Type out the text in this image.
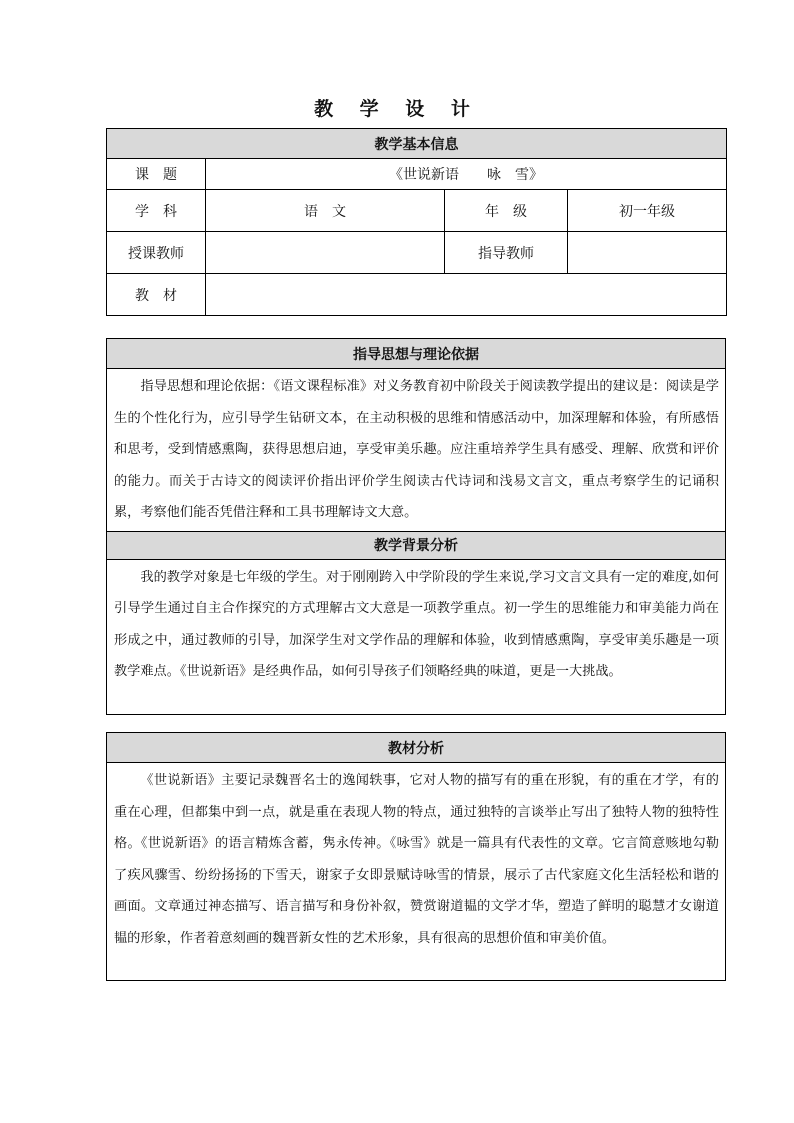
教 学 设 计
教学基本信息			
课　题	《世说新语　　咏　雪》		
学　科	语　文	年　级	初一年级
授课教师		指导教师	
教　材			
指导思想与理论依据
指导思想和理论依据：《语文课程标准》对义务教育初中阶段关于阅读教学提出的建议是：阅读是学生的个性化行为，应引导学生钻研文本，在主动积极的思维和情感活动中，加深理解和体验，有所感悟和思考，受到情感熏陶，获得思想启迪，享受审美乐趣。应注重培养学生具有感受、理解、欣赏和评价的能力。而关于古诗文的阅读评价指出评价学生阅读古代诗词和浅易文言文，重点考察学生的记诵积累，考察他们能否凭借注释和工具书理解诗文大意。
教学背景分析
我的教学对象是七年级的学生。对于刚刚跨入中学阶段的学生来说,学习文言文具有一定的难度,如何引导学生通过自主合作探究的方式理解古文大意是一项教学重点。初一学生的思维能力和审美能力尚在形成之中，通过教师的引导，加深学生对文学作品的理解和体验，收到情感熏陶，享受审美乐趣是一项教学难点。《世说新语》是经典作品，如何引导孩子们领略经典的味道，更是一大挑战。
教材分析
《世说新语》主要记录魏晋名士的逸闻轶事，它对人物的描写有的重在形貌，有的重在才学，有的重在心理，但都集中到一点，就是重在表现人物的特点，通过独特的言谈举止写出了独特人物的独特性格。《世说新语》的语言精炼含蓄，隽永传神。《咏雪》就是一篇具有代表性的文章。它言简意赅地勾勒了疾风骤雪、纷纷扬扬的下雪天，谢家子女即景赋诗咏雪的情景，展示了古代家庭文化生活轻松和谐的画面。文章通过神态描写、语言描写和身份补叙，赞赏谢道韫的文学才华，塑造了鲜明的聪慧才女谢道韫的形象，作者着意刻画的魏晋新女性的艺术形象，具有很高的思想价值和审美价值。
